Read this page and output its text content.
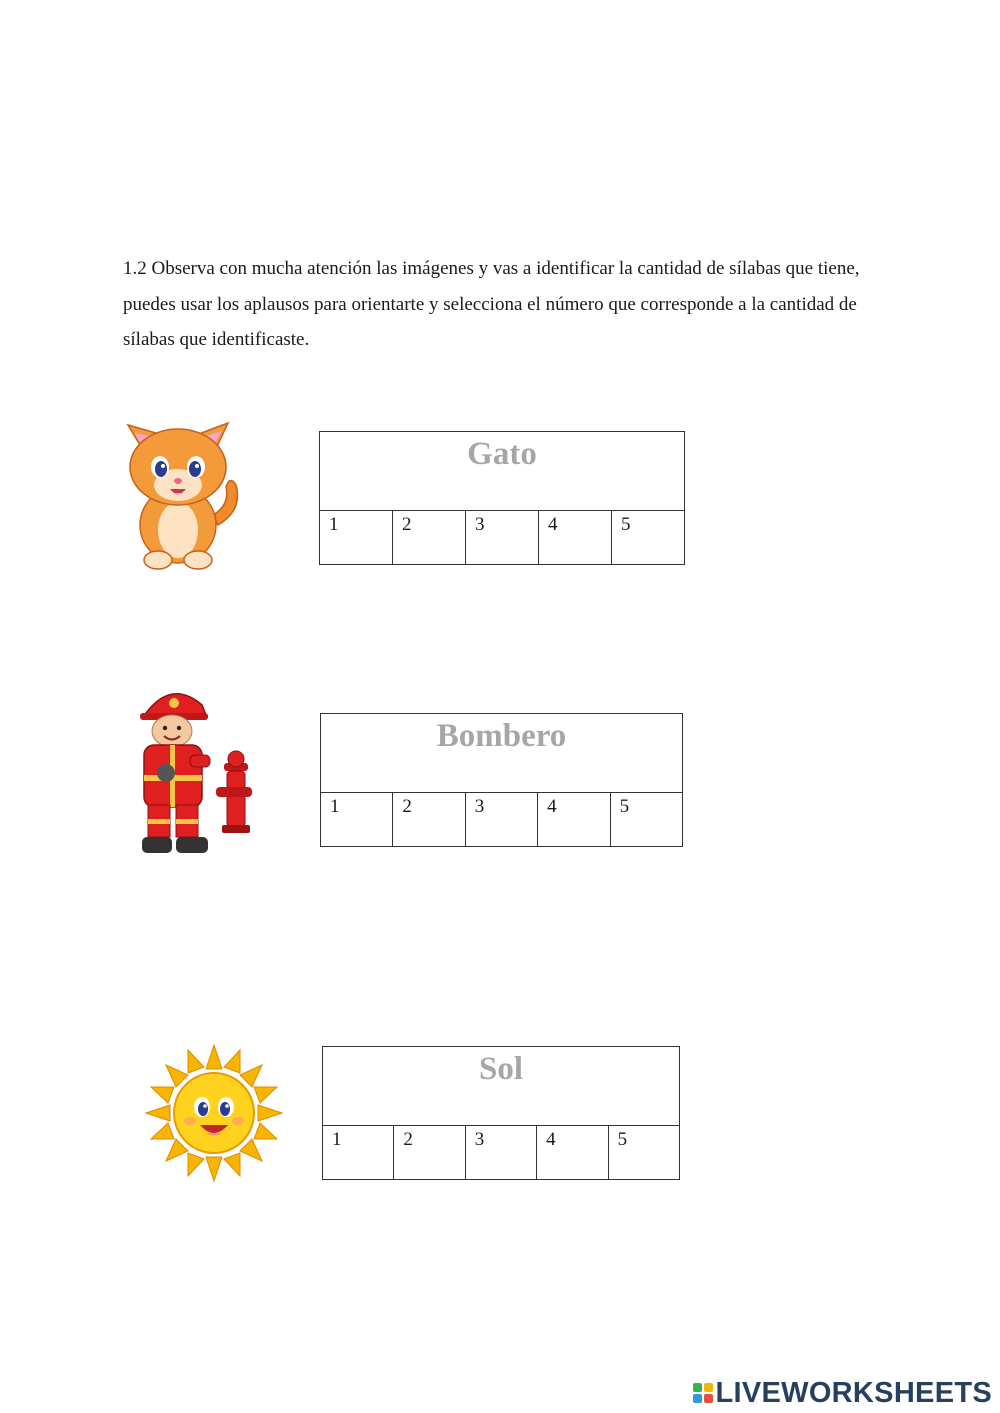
1.2 Observa con mucha atención las imágenes y vas a identificar la cantidad de sílabas que tiene, puedes usar los aplausos para orientarte y selecciona el número que corresponde a la cantidad de sílabas que identificaste.

Gato
1	2	3	4	5
Bombero
1	2	3	4	5
Sol
1	2	3	4	5
LIVEWORKSHEETS
